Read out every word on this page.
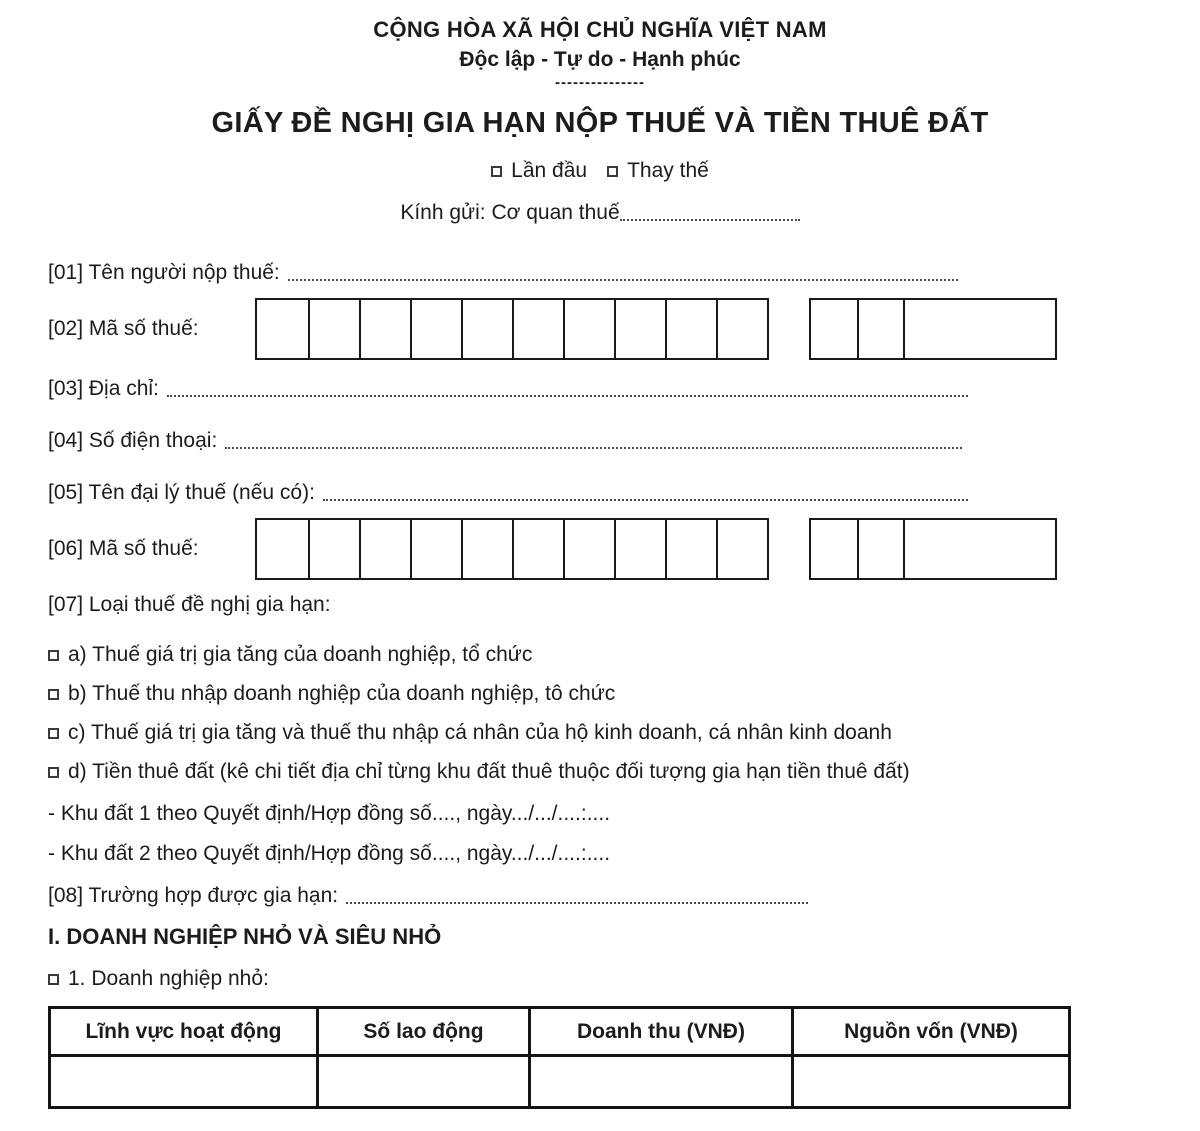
CỘNG HÒA XÃ HỘI CHỦ NGHĨA VIỆT NAM
Độc lập - Tự do - Hạnh phúc
---------------
GIẤY ĐỀ NGHỊ GIA HẠN NỘP THUẾ VÀ TIỀN THUÊ ĐẤT
Lần đầu Thay thế
Kính gửi: Cơ quan thuế
[01] Tên người nộp thuế:
[02] Mã số thuế:
[03] Địa chỉ:
[04] Số điện thoại:
[05] Tên đại lý thuế (nếu có):
[06] Mã số thuế:
[07] Loại thuế đề nghị gia hạn:
a) Thuế giá trị gia tăng của doanh nghiệp, tổ chức
b) Thuế thu nhập doanh nghiệp của doanh nghiệp, tô chức
c) Thuế giá trị gia tăng và thuế thu nhập cá nhân của hộ kinh doanh, cá nhân kinh doanh
d) Tiền thuê đất (kê chi tiết địa chỉ từng khu đất thuê thuộc đối tượng gia hạn tiền thuê đất)
- Khu đất 1 theo Quyết định/Hợp đồng số...., ngày.../.../....:....
- Khu đất 2 theo Quyết định/Hợp đồng số...., ngày.../.../....:....
[08] Trường hợp được gia hạn:
I. DOANH NGHIỆP NHỎ VÀ SIÊU NHỎ
1. Doanh nghiệp nhỏ:
Lĩnh vực hoạt động	Số lao động	Doanh thu (VNĐ)	Nguồn vốn (VNĐ)
